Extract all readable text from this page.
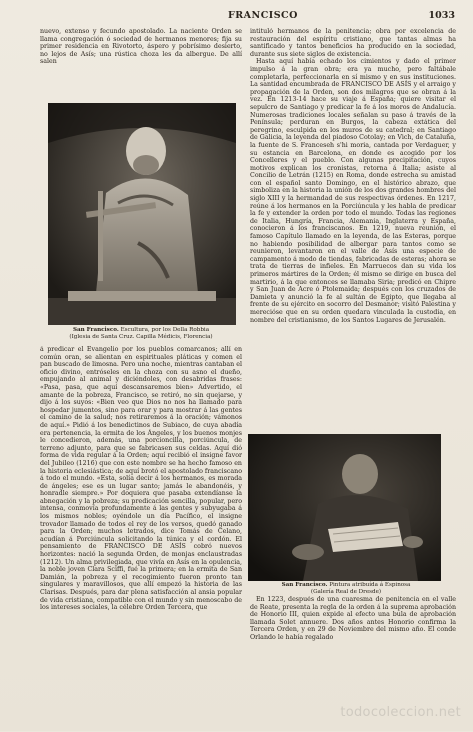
FRANCISCO	1033

nuevo, extenso y fecundo apostolado. La naciente Orden se llama congregación ó sociedad de hermanos menores; fija su primer residencia en Rivotorto, áspero y pobrísimo desierto, no lejos de Asís; una rústica choza les da albergue. De allí salen

San Francisco. Escultura, por los Della Robbia
(Iglesia de Santa Cruz. Capilla Médicis, Florencia)

á predicar el Evangelio por los pueblos comarcanos; allí en común oran, se alientan en espirituales pláticas y comen el pan buscado de limosna. Pero una noche, mientras cantaban el oficio divino, entróseles en la choza con su asno el dueño, empujando al animal y diciéndoles, con desabridas frases: «Pasa, pasa, que aquí descansaremos bien» Advertido, el amante de la pobreza, Francisco, se retiró, no sin quejarse, y dijo á los suyos: «Bien veo que Dios no nos ha llamado para hospedar jumentos, sino para orar y para mostrar á las gentes el camino de la salud; nos retiraremos á la oración; vámonos de aquí.» Pidió á los benedictinos de Subiaco, de cuya abadía era pertenencia, la ermita de los Ángeles, y los buenos monjes le concedieron, además, una porcioncilla, porciúncula, de terreno adjunto, para que se fabricasen sus celdas. Aquí dió forma de vida regular á la Orden; aquí recibió el insigne favor del Jubileo (1216) que con este nombre se ha hecho famoso en la historia eclesiástica; de aquí brotó el apostolado franciscano á todo el mundo. «Esta, solía decir á los hermanos, es morada de ángeles; ese es un lugar santo; jamás le abandonéis, y honradle siempre.» Por doquiera que pasaba extendíanse la abnegación y la pobreza; su predicación sencilla, popular, pero intensa, conmovía profundamente á las gentes y subyugaba á los mismos nobles; oyéndole un día Pacífico, el insigne trovador llamado de todos el rey de los versos, quedó ganado para la Orden; muchos letrados, dice Tomás de Celano, acudían á Porciúncula solicitando la túnica y el cordón. El pensamiento de FRANCISCO DE ASÍS cobró nuevos horizontes: nació la segunda Orden, de monjas enclaustradas (1212). Un alma privilegiada, que vivía en Asís en la opulencia, la noble joven Clara Sciffi, fué la primera; en la ermita de San Damián, la pobreza y el recogimiento fueron pronto tan singulares y maravillosos, que allí empezó la historia de las Clarisas. Después, para dar plena satisfacción al ansia popular de vida cristiana, compatible con el mundo y sin menoscabo de los intereses sociales, la célebre Orden Tercera, que

intituló hermanos de la penitencia; obra por excelencia de restauración del espíritu cristiano, que tantas almas ha santificado y tantos beneficios ha producido en la sociedad, durante sus siete siglos de existencia.

Hasta aquí había echado los cimientos y dado el primer impulso á la gran obra; era ya mucho, pero faltábale completarla, perfeccionarla en sí mismo y en sus instituciones. La santidad encumbrada de FRANCISCO DE ASÍS y el arraigo y propagación de la Orden, son dos milagros que se obran á la vez. En 1213-14 hace su viaje á España; quiere visitar el sepulcro de Santiago y predicar la fe á los moros de Andalucía. Numerosas tradiciones locales señalan su paso á través de la Península; perduran en Burgos, la cabeza extática del peregrino, esculpida en los muros de su catedral; en Santiago de Galicia, la leyenda del piadoso Cotolay; en Vich, de Cataluña, la fuente de S. Franceseh s'hi moria, cantada por Verdaguer, y su estancia en Barcelona, en donde es acogido por los Concelleres y el pueblo. Con algunas precipitación, cuyos motivos explican los cronistas, retorna á Italia; asiste al Concilio de Letrán (1215) en Roma, donde estrecha su amistad con el español santo Domingo, en el histórico abrazo, que simboliza en la historia la unión de los dos grandes hombres del siglo XIII y la hermandad de sus respectivas órdenes. En 1217, reúne á los hermanos en la Porciúncula y les habla de predicar la fe y extender la orden por todo el mundo. Todas las regiones de Italia, Hungría, Francia, Alemania, Inglaterra y España, conocieron á los franciscanos. En 1219, nueva reunión, el famoso Capítulo llamado en la leyenda, de las Esteras, porque no habiendo posibilidad de albergar para tantos como se reunieron, levantaron en el valle de Asís una especie de campamento á modo de tiendas, fabricadas de esteras; ahora se trata de tierras de infieles. En Marruecos dan su vida los primeros mártires de la Orden; él mismo se dirige en busca del martirio, á la que entonces se llamaba Siria; predicó en Chipre y San Juan de Acre ó Ptolemaida; después con los cruzados de Damieta y anunció la fe al sultán de Egipto, que llegaba al frente de su ejército en socorro del Desmanor; visitó Palestina y merecióse que en su orden quedara vinculada la custodia, en nombre del cristianismo, de los Santos Lugares de Jerusalén.

San Francisco. Pintura atribuída á Espinosa
(Galería Real de Dresde)

En 1223, después de una cuaresma de penitencia en el valle de Reate, presenta la regla de la orden á la suprema aprobación de Honorio III, quien expide al efecto una bula de aprobación llamada Solet annuere. Dos años antes Honorio confirma la Tercera Orden, y en 29 de Noviembre del mismo año. El conde Orlando le había regalado

todocoleccion.net
